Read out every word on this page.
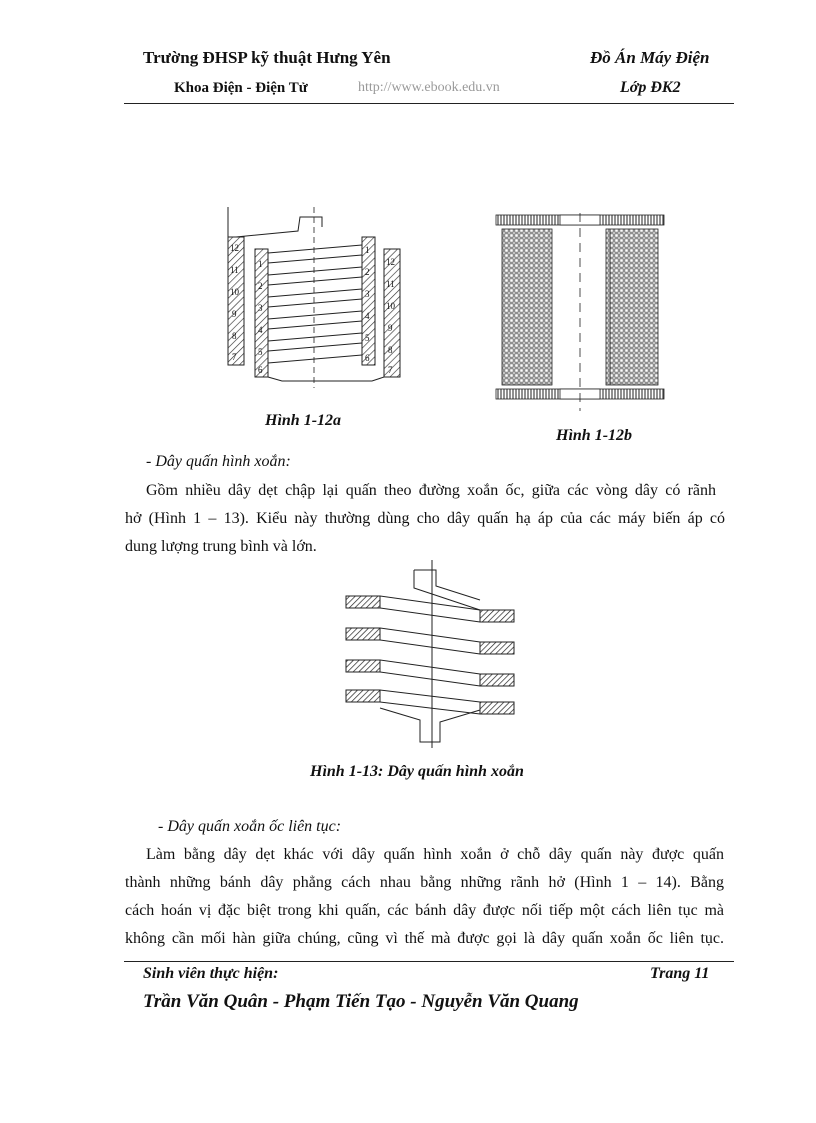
Trường ĐHSP kỹ thuật Hưng Yên	Đồ Án Máy Điện
Khoa Điện - Điện Tử	http://www.ebook.edu.vn	Lớp ĐK2
12
11
10
9
8
7
1
2
3
4
5
6
1
2
3
4
5
6
12
11
10
9
8
7
Hình 1-12a
Hình 1-12b
- Dây quấn hình xoắn:
Gồm nhiều dây dẹt chập lại quấn theo đường xoắn ốc, giữa các vòng dây có rãnh
hở (Hình 1 – 13). Kiểu này thường dùng cho dây quấn hạ áp của các máy biến áp có
dung lượng trung bình và lớn.
Hình 1-13: Dây quấn hình xoắn
- Dây quấn xoắn ốc liên tục:
Làm bằng dây dẹt khác với dây quấn hình xoắn ở chỗ dây quấn này được quấn
thành những bánh dây phẳng cách nhau bằng những rãnh hở (Hình 1 – 14). Bằng
cách hoán vị đặc biệt trong khi quấn, các bánh dây được nối tiếp một cách liên tục mà
không cần mối hàn giữa chúng, cũng vì thế mà được gọi là dây quấn xoắn ốc liên tục.
Sinh viên thực hiện:	Trang 11
Trần Văn Quân - Phạm Tiến Tạo - Nguyễn Văn Quang
